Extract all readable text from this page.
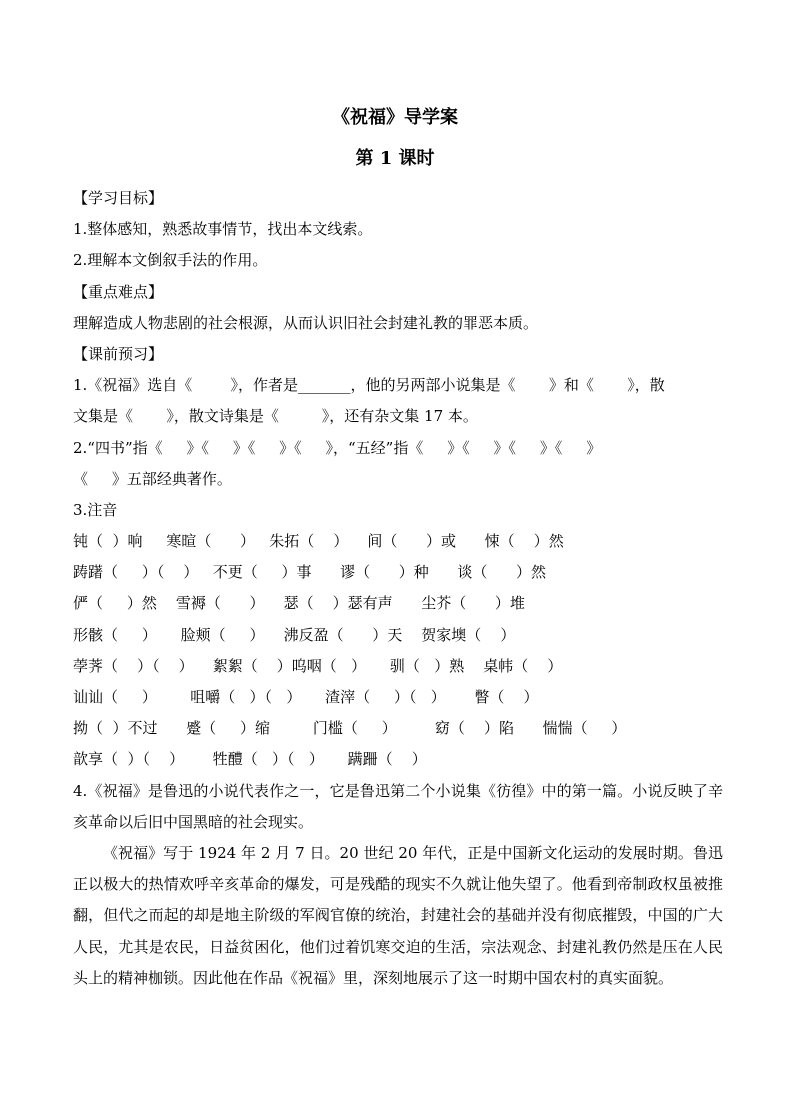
《祝福》导学案
第 1 课时
【学习目标】
1.整体感知，熟悉故事情节，找出本文线索。
2.理解本文倒叙手法的作用。
【重点难点】
理解造成人物悲剧的社会根源，从而认识旧社会封建礼教的罪恶本质。
【课前预习】
1.《祝福》选自《        》，作者是_______，他的另两部小说集是《       》和《       》，散
文集是《       》，散文诗集是《         》，还有杂文集 17 本。
2.“四书”指《     》《     》《     》《     》，“五经”指《     》《     》《     》《     》
《     》五部经典著作。
3.注音
钝（  ）响     寒暄（      ）   朱拓（    ）    间（      ）或      悚（    ）然
踌躇（     ）（    ）   不更（     ）事      谬（      ）种      谈（      ）然
俨（     ）然    雪褥（      ）    瑟（    ）瑟有声      尘芥（      ）堆
形骸（     ）     脸颊（     ）    沸反盈（      ）天    贺家墺（    ）
荸荠（    ）（    ）    絮絮（    ）呜咽（   ）     驯（   ）熟    桌帏（    ）
讪讪（     ）       咀嚼（   ）（   ）     渣滓（     ）（   ）      瞥（    ）
拗（  ）不过      蹙（     ）缩         门槛（     ）        窈（    ）陷      惴惴（     ）
歆享（  ）（    ）      牲醴（   ）（   ）     蹒跚（    ）
4.《祝福》是鲁迅的小说代表作之一，它是鲁迅第二个小说集《彷徨》中的第一篇。小说反映了辛亥革命以后旧中国黑暗的社会现实。
《祝福》写于 1924 年 2 月 7 日。20 世纪 20 年代，正是中国新文化运动的发展时期。鲁迅正以极大的热情欢呼辛亥革命的爆发，可是残酷的现实不久就让他失望了。他看到帝制政权虽被推翻，但代之而起的却是地主阶级的军阀官僚的统治，封建社会的基础并没有彻底摧毁，中国的广大人民，尤其是农民，日益贫困化，他们过着饥寒交迫的生活，宗法观念、封建礼教仍然是压在人民头上的精神枷锁。因此他在作品《祝福》里，深刻地展示了这一时期中国农村的真实面貌。
